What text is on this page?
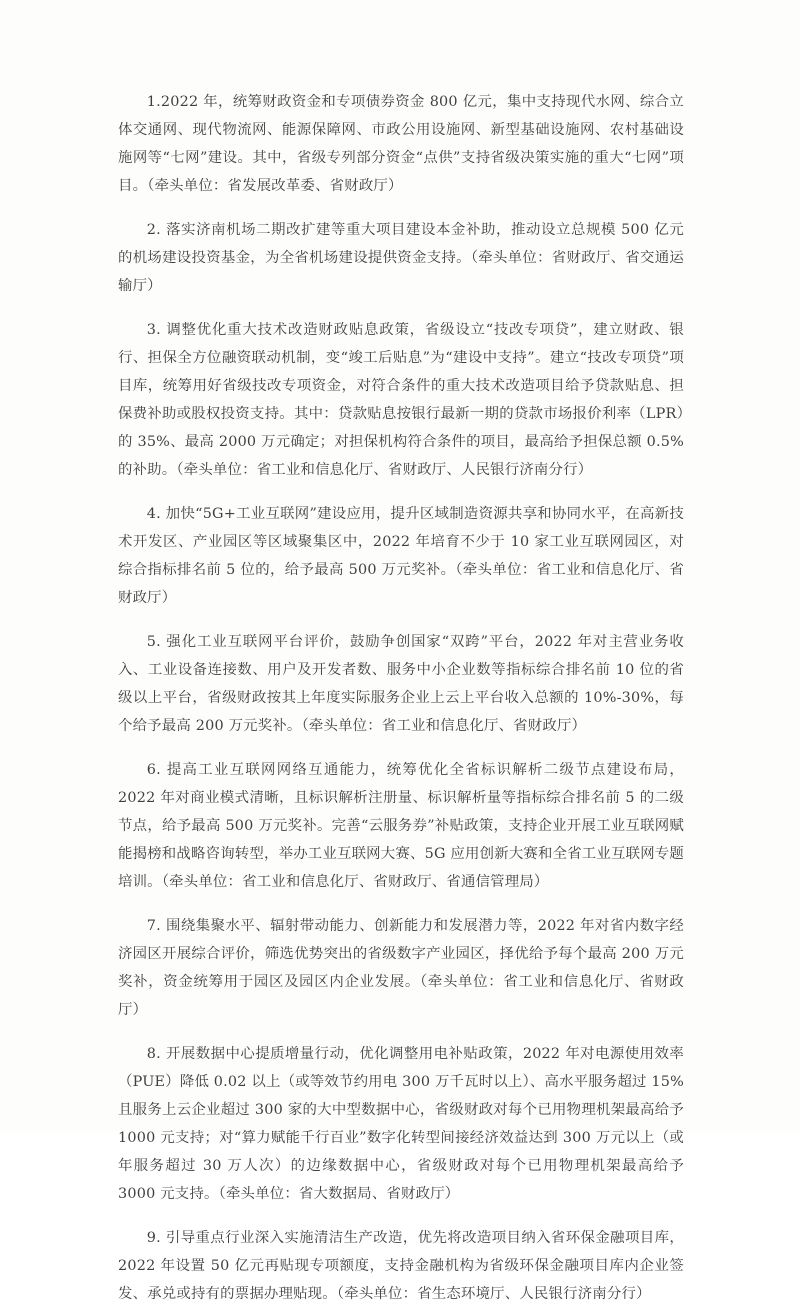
1.2022 年，统筹财政资金和专项债券资金 800 亿元，集中支持现代水网、综合立体交通网、现代物流网、能源保障网、市政公用设施网、新型基础设施网、农村基础设施网等“七网”建设。其中，省级专列部分资金“点供”支持省级决策实施的重大“七网”项目。（牵头单位：省发展改革委、省财政厅）

2. 落实济南机场二期改扩建等重大项目建设本金补助，推动设立总规模 500 亿元的机场建设投资基金，为全省机场建设提供资金支持。（牵头单位：省财政厅、省交通运输厅）

3. 调整优化重大技术改造财政贴息政策，省级设立“技改专项贷”，建立财政、银行、担保全方位融资联动机制，变“竣工后贴息”为“建设中支持”。建立“技改专项贷”项目库，统筹用好省级技改专项资金，对符合条件的重大技术改造项目给予贷款贴息、担保费补助或股权投资支持。其中：贷款贴息按银行最新一期的贷款市场报价利率（LPR）的 35%、最高 2000 万元确定；对担保机构符合条件的项目，最高给予担保总额 0.5%的补助。（牵头单位：省工业和信息化厅、省财政厅、人民银行济南分行）

4. 加快“5G+工业互联网”建设应用，提升区域制造资源共享和协同水平，在高新技术开发区、产业园区等区域聚集区中，2022 年培育不少于 10 家工业互联网园区，对综合指标排名前 5 位的，给予最高 500 万元奖补。（牵头单位：省工业和信息化厅、省财政厅）

5. 强化工业互联网平台评价，鼓励争创国家“双跨”平台，2022 年对主营业务收入、工业设备连接数、用户及开发者数、服务中小企业数等指标综合排名前 10 位的省级以上平台，省级财政按其上年度实际服务企业上云上平台收入总额的 10%-30%，每个给予最高 200 万元奖补。（牵头单位：省工业和信息化厅、省财政厅）

6. 提高工业互联网网络互通能力，统筹优化全省标识解析二级节点建设布局，2022 年对商业模式清晰，且标识解析注册量、标识解析量等指标综合排名前 5 的二级节点，给予最高 500 万元奖补。完善“云服务券”补贴政策，支持企业开展工业互联网赋能揭榜和战略咨询转型，举办工业互联网大赛、5G 应用创新大赛和全省工业互联网专题培训。（牵头单位：省工业和信息化厅、省财政厅、省通信管理局）

7. 围绕集聚水平、辐射带动能力、创新能力和发展潜力等，2022 年对省内数字经济园区开展综合评价，筛选优势突出的省级数字产业园区，择优给予每个最高 200 万元奖补，资金统筹用于园区及园区内企业发展。（牵头单位：省工业和信息化厅、省财政厅）

8. 开展数据中心提质增量行动，优化调整用电补贴政策，2022 年对电源使用效率（PUE）降低 0.02 以上（或等效节约用电 300 万千瓦时以上）、高水平服务超过 15%且服务上云企业超过 300 家的大中型数据中心，省级财政对每个已用物理机架最高给予 1000 元支持；对“算力赋能千行百业”数字化转型间接经济效益达到 300 万元以上（或年服务超过 30 万人次）的边缘数据中心，省级财政对每个已用物理机架最高给予 3000 元支持。（牵头单位：省大数据局、省财政厅）

9. 引导重点行业深入实施清洁生产改造，优先将改造项目纳入省环保金融项目库，2022 年设置 50 亿元再贴现专项额度，支持金融机构为省级环保金融项目库内企业签发、承兑或持有的票据办理贴现。（牵头单位：省生态环境厅、人民银行济南分行）
